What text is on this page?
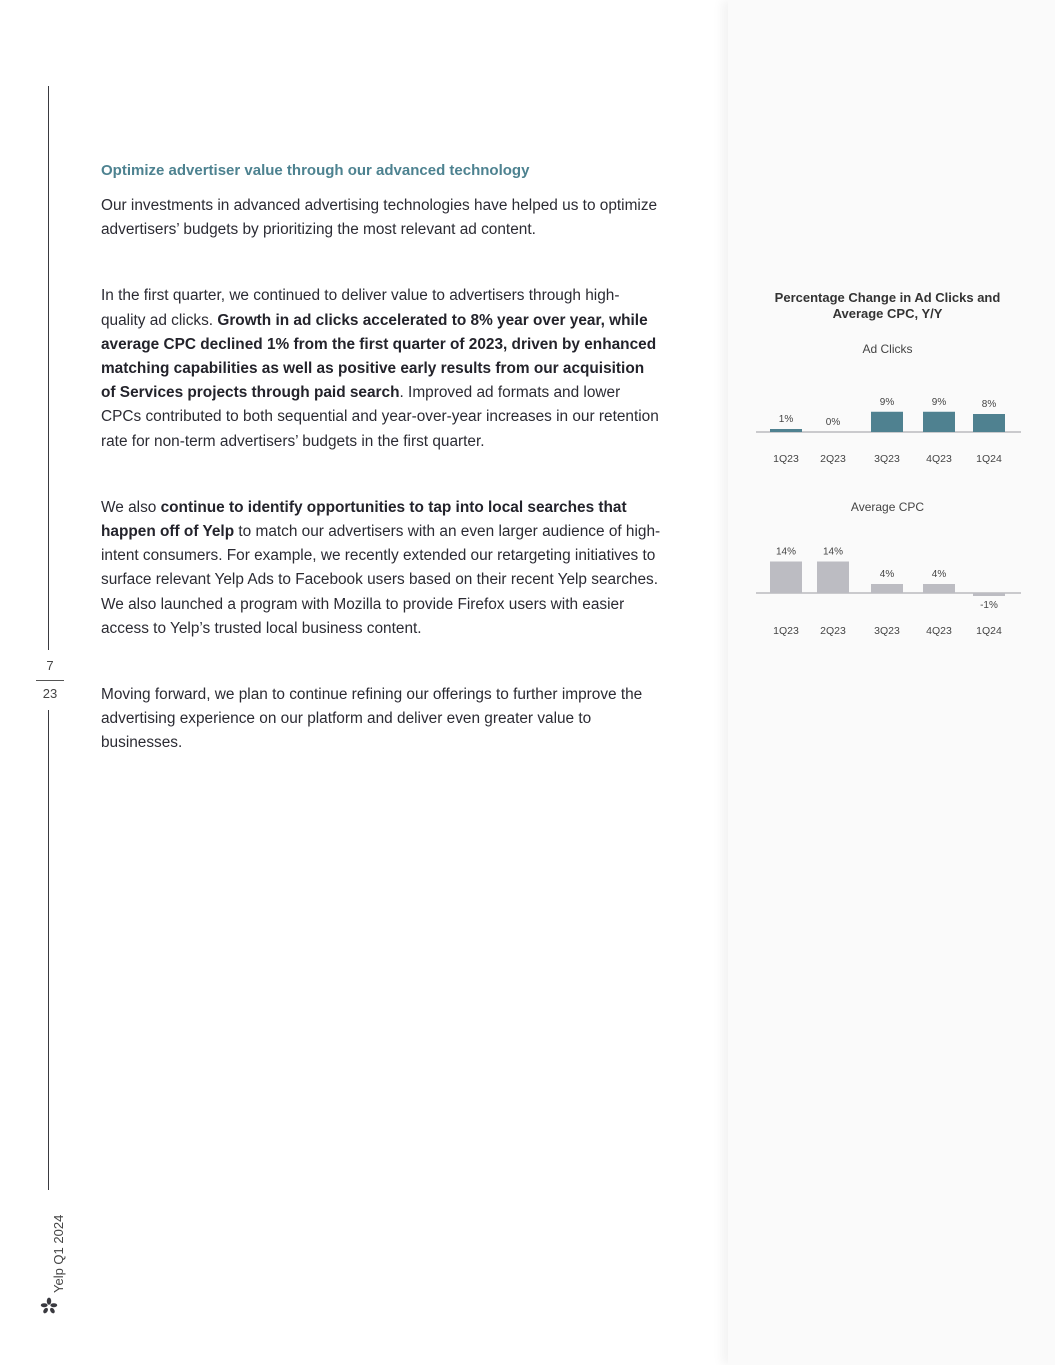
7
23
Yelp Q1 2024
Optimize advertiser value through our advanced technology

Our investments in advanced advertising technologies have helped us to optimize advertisers’ budgets by prioritizing the most relevant ad content.

In the first quarter, we continued to deliver value to advertisers through high-quality ad clicks. Growth in ad clicks accelerated to 8% year over year, while average CPC declined 1% from the first quarter of 2023, driven by enhanced matching capabilities as well as positive early results from our acquisition of Services projects through paid search. Improved ad formats and lower CPCs contributed to both sequential and year-over-year increases in our retention rate for non-term advertisers’ budgets in the first quarter.

We also continue to identify opportunities to tap into local searches that happen off of Yelp to match our advertisers with an even larger audience of high-intent consumers. For example, we recently extended our retargeting initiatives to surface relevant Yelp Ads to Facebook users based on their recent Yelp searches. We also launched a program with Mozilla to provide Firefox users with easier access to Yelp’s trusted local business content.

Moving forward, we plan to continue refining our offerings to further improve the advertising experience on our platform and deliver even greater value to businesses.

Percentage Change in Ad Clicks and Average CPC, Y/Y
Ad Clicks
Average CPC
1%
1Q23
0%
2Q23
9%
3Q23
9%
4Q23
8%
1Q24
14%
1Q23
14%
2Q23
4%
3Q23
4%
4Q23
-1%
1Q24
